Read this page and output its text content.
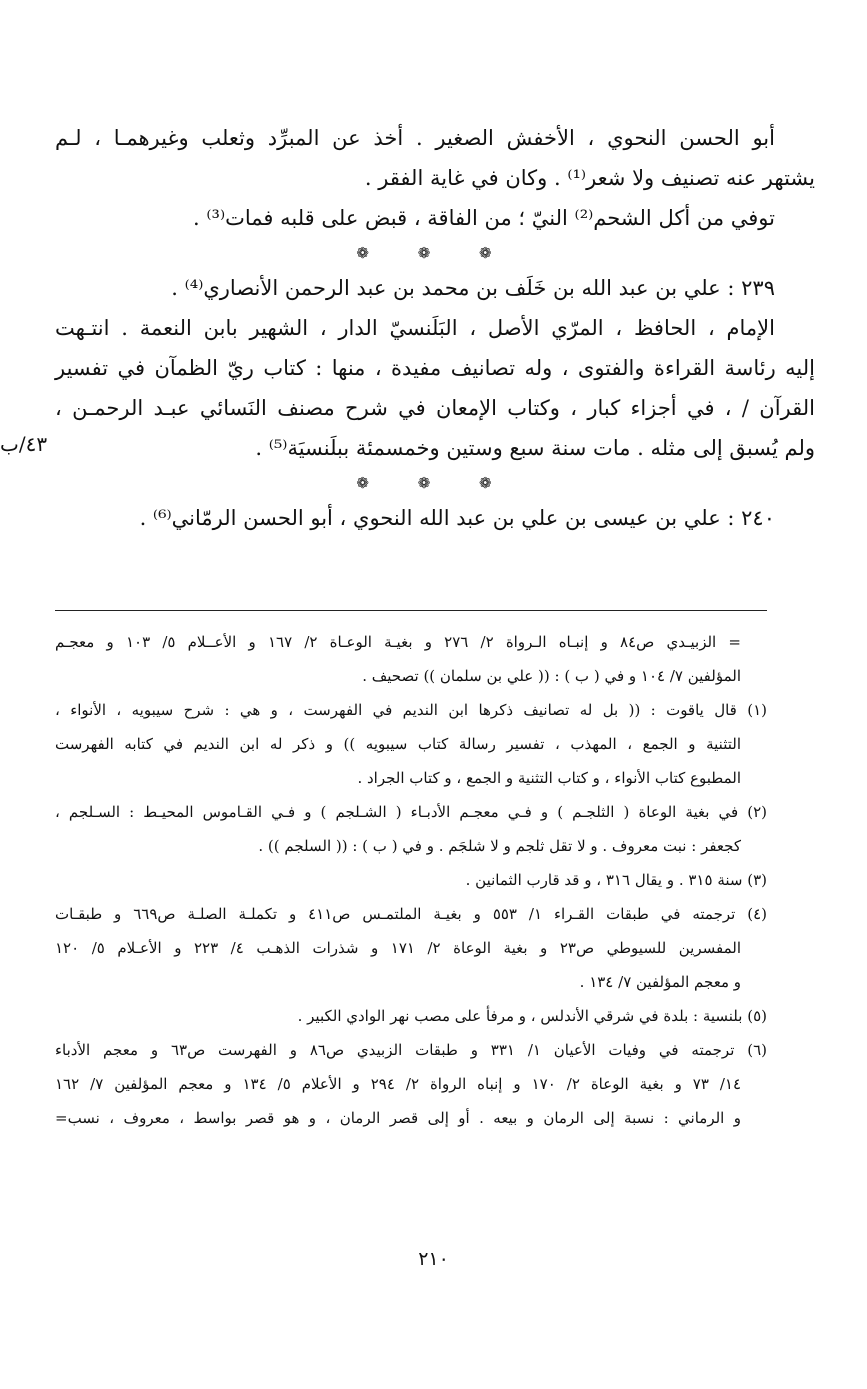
أبو الحسن النحوي ، الأخفش الصغير . أخذ عن المبرِّد وثعلب وغيرهمـا ، لـم
يشتهر عنه تصنيف ولا شعر⁽¹⁾ . وكان في غاية الفقر .
توفي من أكل الشحم⁽²⁾ النيّ ؛ من الفاقة ، قبض على قلبه فمات⁽³⁾ .
❁ ❁ ❁
٢٣٩ : علي بن عبد الله بن خَلَف بن محمد بن عبد الرحمن الأنصاري⁽⁴⁾ .
الإمام ، الحافظ ، المرّي الأصل ، البَلَنسيّ الدار ، الشهير بابن النعمة . انتـهت
إليه رئاسة القراءة والفتوى ، وله تصانيف مفيدة ، منها : كتاب ريّ الظمآن في تفسير
القرآن / ، في أجزاء كبار ، وكتاب الإمعان في شرح مصنف النَسائي عبـد الرحمـن ،
ولم يُسبق إلى مثله . مات سنة سبع وستين وخمسمئة ببلَنسيَة⁽⁵⁾ .
❁ ❁ ❁
٢٤٠ : علي بن عيسى بن علي بن عبد الله النحوي ، أبو الحسن الرمّاني⁽⁶⁾ .
٤٣/ب
= الزبيـدي ص٨٤ و إنبـاه الـرواة ٢/ ٢٧٦ و بغيـة الوعـاة ٢/ ١٦٧ و الأعــلام ٥/ ١٠٣ و معجـم
المؤلفين ٧/ ١٠٤ و في ( ب ) : (( علي بن سلمان )) تصحيف .
(١) قال ياقوت : (( بل له تصانيف ذكرها ابن النديم في الفهرست ، و هي : شرح سيبويه ، الأنواء ،
التثنية و الجمع ، المهذب ، تفسير رسالة كتاب سيبويه )) و ذكر له ابن النديم في كتابه الفهرست
المطبوع كتاب الأنواء ، و كتاب التثنية و الجمع ، و كتاب الجراد .
(٢) في بغية الوعاة ( الثلجـم ) و فـي معجـم الأدبـاء ( الشـلجم ) و فـي القـاموس المحيـط : السـلجم ،
كجعفر : نبت معروف . و لا تقل ثلجم و لا شلجَم . و في ( ب ) : (( السلجم )) .
(٣) سنة ٣١٥ . و يقال ٣١٦ ، و قد قارب الثمانين .
(٤) ترجمته في طبقات القـراء ١/ ٥٥٣ و بغيـة الملتمـس ص٤١١ و تكملـة الصلـة ص٦٦٩ و طبقـات
المفسرين للسيوطي ص٢٣ و بغية الوعاة ٢/ ١٧١ و شذرات الذهـب ٤/ ٢٢٣ و الأعـلام ٥/ ١٢٠
و معجم المؤلفين ٧/ ١٣٤ .
(٥) بلنسية : بلدة في شرقي الأندلس ، و مرفأ على مصب نهر الوادي الكبير .
(٦) ترجمته في وفيات الأعيان ١/ ٣٣١ و طبقات الزبيدي ص٨٦ و الفهرست ص٦٣ و معجم الأدباء
١٤/ ٧٣ و بغية الوعاة ٢/ ١٧٠ و إنباه الرواة ٢/ ٢٩٤ و الأعلام ٥/ ١٣٤ و معجم المؤلفين ٧/ ١٦٢
و الرماني : نسبة إلى الرمان و بيعه . أو إلى قصر الرمان ، و هو قصر بواسط ، معروف ، نسب=
٢١٠
